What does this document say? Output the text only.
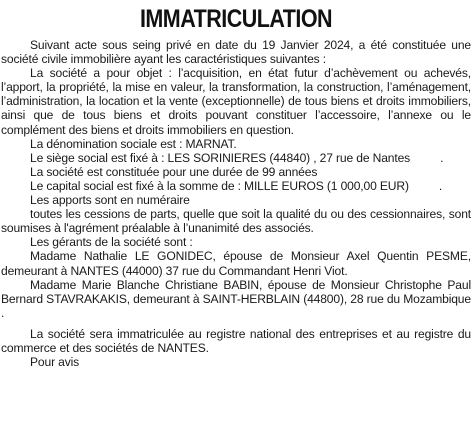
IMMATRICULATION

Suivant acte sous seing privé en date du 19 Janvier 2024, a été constituée une société civile immobilière ayant les caractéristiques suivantes :

La société a pour objet : l’acquisition, en état futur d’achèvement ou achevés, l’apport, la propriété, la mise en valeur, la transformation, la construction, l’aménagement, l’administration, la location et la vente (exceptionnelle) de tous biens et droits immobiliers, ainsi que de tous biens et droits pouvant constituer l’accessoire, l’annexe ou le complément des biens et droits immobiliers en question.

La dénomination sociale est : MARNAT.

Le siège social est fixé à : LES SORINIERES (44840) , 27 rue de Nantes .

La société est constituée pour une durée de 99 années

Le capital social est fixé à la somme de : MILLE EUROS (1 000,00 EUR) .

Les apports sont en numéraire

toutes les cessions de parts, quelle que soit la qualité du ou des cessionnaires, sont soumises à l'agrément préalable à l’unanimité des associés.

Les gérants de la société sont :

Madame Nathalie LE GONIDEC, épouse de Monsieur Axel Quentin PESME, demeurant à NANTES (44000) 37 rue du Commandant Henri Viot.

Madame Marie Blanche Christiane BABIN, épouse de Monsieur Christophe Paul Bernard STAVRAKAKIS, demeurant à SAINT-HERBLAIN (44800), 28 rue du Mozambique

.

La société sera immatriculée au registre national des entreprises et au registre du commerce et des sociétés de NANTES.

Pour avis
